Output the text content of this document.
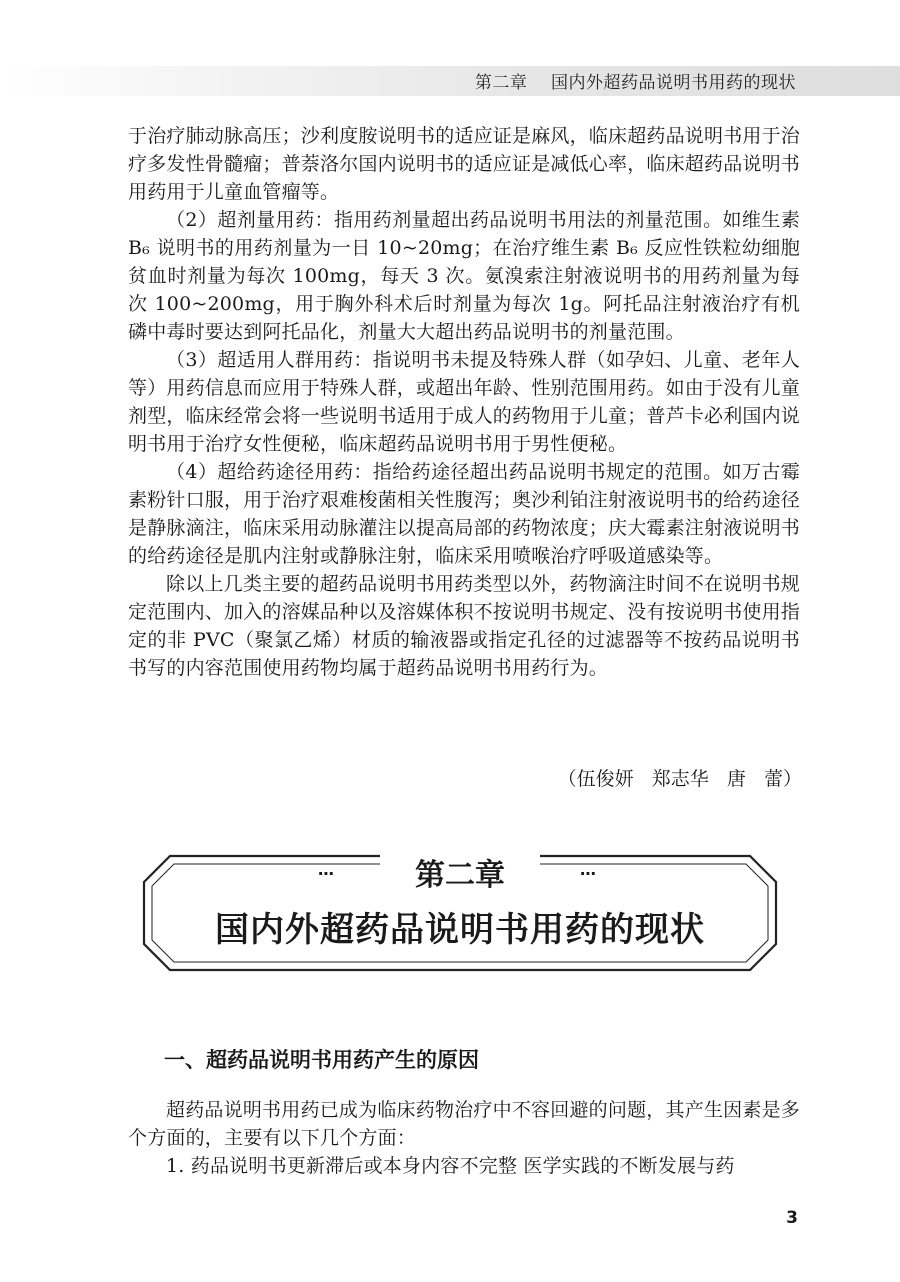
第二章    国内外超药品说明书用药的现状

于治疗肺动脉高压；沙利度胺说明书的适应证是麻风，临床超药品说明书用于治疗多发性骨髓瘤；普萘洛尔国内说明书的适应证是减低心率，临床超药品说明书用药用于儿童血管瘤等。

（2）超剂量用药：指用药剂量超出药品说明书用法的剂量范围。如维生素 B₆ 说明书的用药剂量为一日 10~20mg；在治疗维生素 B₆ 反应性铁粒幼细胞贫血时剂量为每次 100mg，每天 3 次。氨溴索注射液说明书的用药剂量为每次 100~200mg，用于胸外科术后时剂量为每次 1g。阿托品注射液治疗有机磷中毒时要达到阿托品化，剂量大大超出药品说明书的剂量范围。

（3）超适用人群用药：指说明书未提及特殊人群（如孕妇、儿童、老年人等）用药信息而应用于特殊人群，或超出年龄、性别范围用药。如由于没有儿童剂型，临床经常会将一些说明书适用于成人的药物用于儿童；普芦卡必利国内说明书用于治疗女性便秘，临床超药品说明书用于男性便秘。

（4）超给药途径用药：指给药途径超出药品说明书规定的范围。如万古霉素粉针口服，用于治疗艰难梭菌相关性腹泻；奥沙利铂注射液说明书的给药途径是静脉滴注，临床采用动脉灌注以提高局部的药物浓度；庆大霉素注射液说明书的给药途径是肌内注射或静脉注射，临床采用喷喉治疗呼吸道感染等。

除以上几类主要的超药品说明书用药类型以外，药物滴注时间不在说明书规定范围内、加入的溶媒品种以及溶媒体积不按说明书规定、没有按说明书使用指定的非 PVC（聚氯乙烯）材质的输液器或指定孔径的过滤器等不按药品说明书书写的内容范围使用药物均属于超药品说明书用药行为。

（伍俊妍   郑志华   唐   蕾）
⋯	⋯
第二章
国内外超药品说明书用药的现状
一、超药品说明书用药产生的原因

超药品说明书用药已成为临床药物治疗中不容回避的问题，其产生因素是多个方面的，主要有以下几个方面：

1. 药品说明书更新滞后或本身内容不完整 医学实践的不断发展与药

3
